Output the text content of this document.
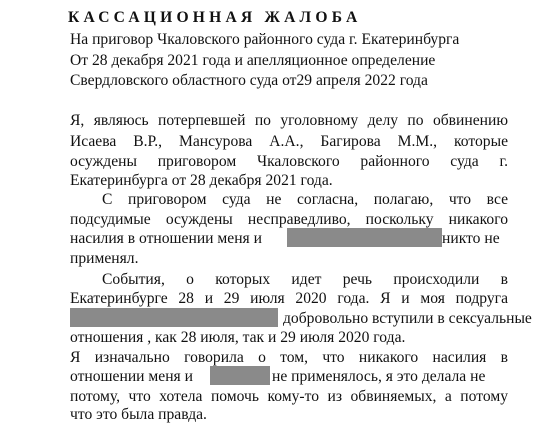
КАССАЦИОННАЯ ЖАЛОБА
На приговор Чкаловского районного суда г. Екатеринбурга
От 28 декабря 2021 года и апелляционное определение
Свердловского областного суда от29 апреля 2022 года
Я, являюсь потерпевшей по уголовному делу по обвинению
Исаева В.Р., Мансурова А.А., Багирова М.М., которые
осуждены приговором Чкаловского районного суда г.
Екатеринбурга от 28 декабря 2021 года.
С приговором суда не согласна, полагаю, что все
подсудимые осуждены несправедливо, поскольку никакого
насилия в отношении меня и	никто не
применял.
События, о которых идет речь происходили в
Екатеринбурге 28 и 29 июля 2020 года. Я и моя подруга
добровольно вступили в сексуальные
отношения , как 28 июля, так и 29 июля 2020 года.
Я изначально говорила о том, что никакого насилия в
отношении меня и	не применялось, я это делала не
потому, что хотела помочь кому-то из обвиняемых, а потому
что это была правда.
